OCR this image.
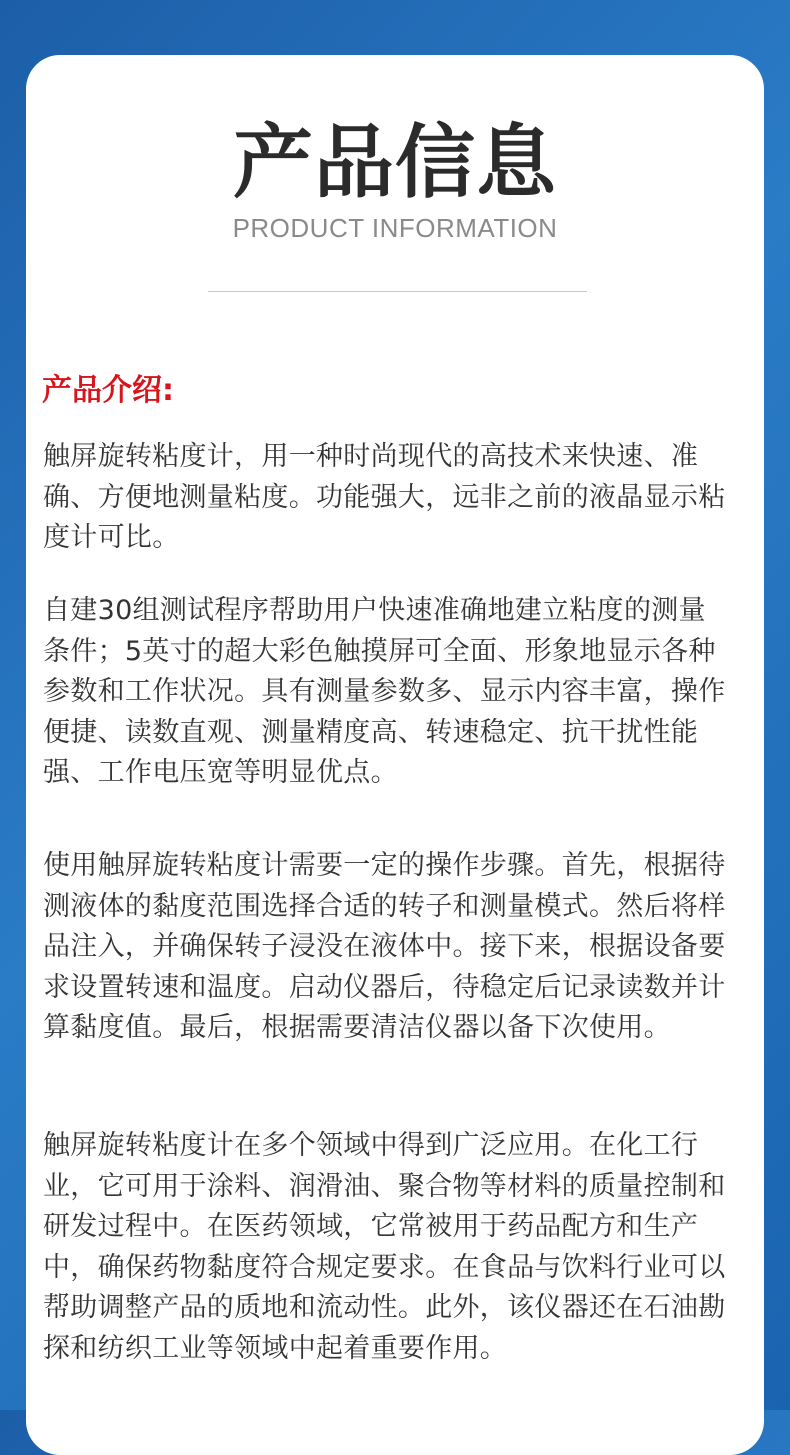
产品信息
PRODUCT INFORMATION
产品介绍:

触屏旋转粘度计，用一种时尚现代的高技术来快速、准确、方便地测量粘度。功能强大，远非之前的液晶显示粘度计可比。

自建30组测试程序帮助用户快速准确地建立粘度的测量条件；5英寸的超大彩色触摸屏可全面、形象地显示各种参数和工作状况。具有测量参数多、显示内容丰富，操作便捷、读数直观、测量精度高、转速稳定、抗干扰性能强、工作电压宽等明显优点。

使用触屏旋转粘度计需要一定的操作步骤。首先，根据待测液体的黏度范围选择合适的转子和测量模式。然后将样品注入，并确保转子浸没在液体中。接下来，根据设备要求设置转速和温度。启动仪器后，待稳定后记录读数并计算黏度值。最后，根据需要清洁仪器以备下次使用。

触屏旋转粘度计在多个领域中得到广泛应用。在化工行业，它可用于涂料、润滑油、聚合物等材料的质量控制和研发过程中。在医药领域，它常被用于药品配方和生产中，确保药物黏度符合规定要求。在食品与饮料行业可以帮助调整产品的质地和流动性。此外，该仪器还在石油勘探和纺织工业等领域中起着重要作用。
